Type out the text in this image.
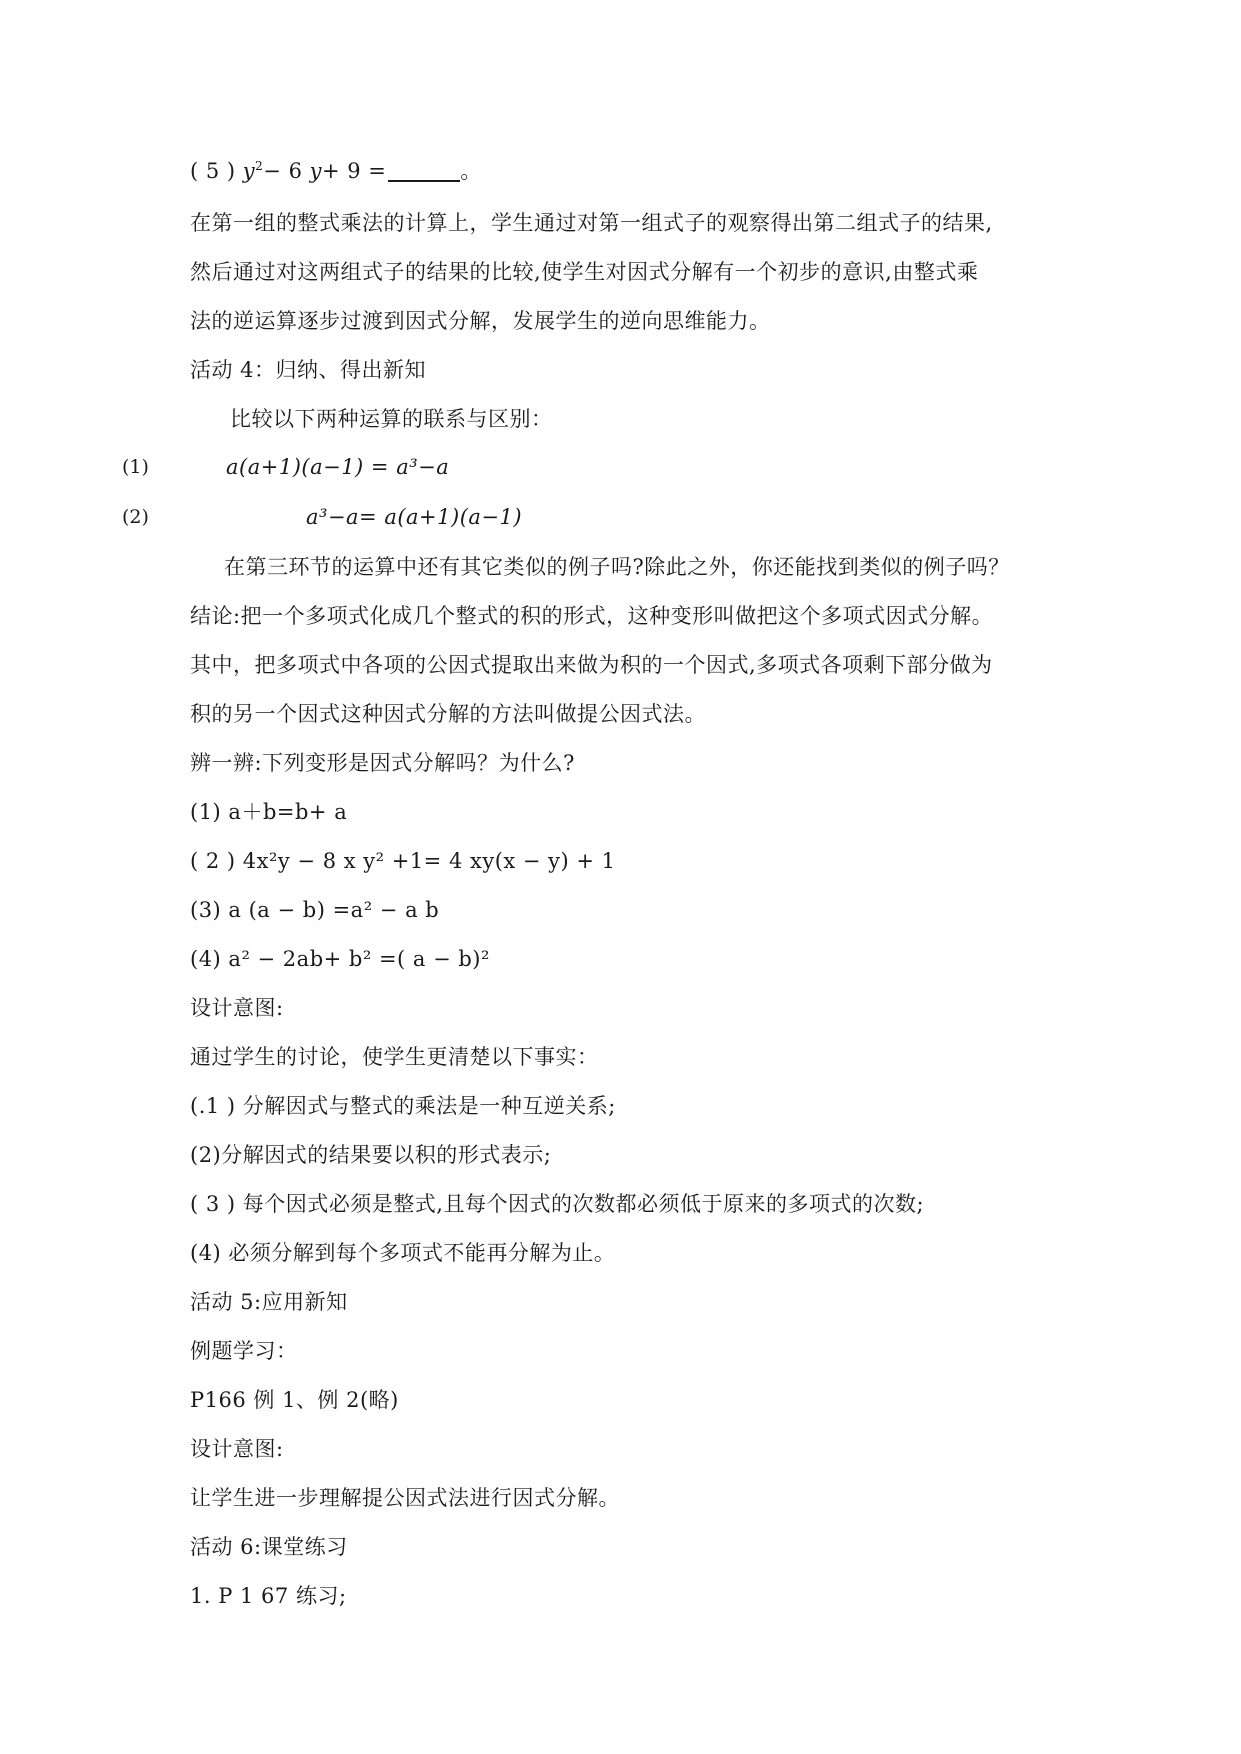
( 5 ) $y^2- 6$ y+ 9 =	。
在第一组的整式乘法的计算上，学生通过对第一组式子的观察得出第二组式子的结果,
然后通过对这两组式子的结果的比较,使学生对因式分解有一个初步的意识,由整式乘
法的逆运算逐步过渡到因式分解，发展学生的逆向思维能力。
活动 4：归纳、得出新知
比较以下两种运算的联系与区别：
(1)	a(a+1)(a−1) = a³−a
(2)	a³−a= a(a+1)(a−1)
在第三环节的运算中还有其它类似的例子吗?除此之外，你还能找到类似的例子吗？
结论:把一个多项式化成几个整式的积的形式，这种变形叫做把这个多项式因式分解。
其中，把多项式中各项的公因式提取出来做为积的一个因式,多项式各项剩下部分做为
积的另一个因式这种因式分解的方法叫做提公因式法。
辨一辨:下列变形是因式分解吗？为什么?
(1) a＋b=b+ a
( 2 ) 4x²y − 8 x y² +1= 4 xy(x − y) + 1
(3) a (a − b) =a² − a b
(4) a² − 2ab+ b² =( a − b)²
设计意图:
通过学生的讨论，使学生更清楚以下事实：
(.1 ) 分解因式与整式的乘法是一种互逆关系;
(2)分解因式的结果要以积的形式表示;
( 3 ) 每个因式必须是整式,且每个因式的次数都必须低于原来的多项式的次数;
(4) 必须分解到每个多项式不能再分解为止。
活动 5:应用新知
例题学习：
P166 例 1、例 2(略)
设计意图:
让学生进一步理解提公因式法进行因式分解。
活动 6:课堂练习
1. P 1 67 练习;
